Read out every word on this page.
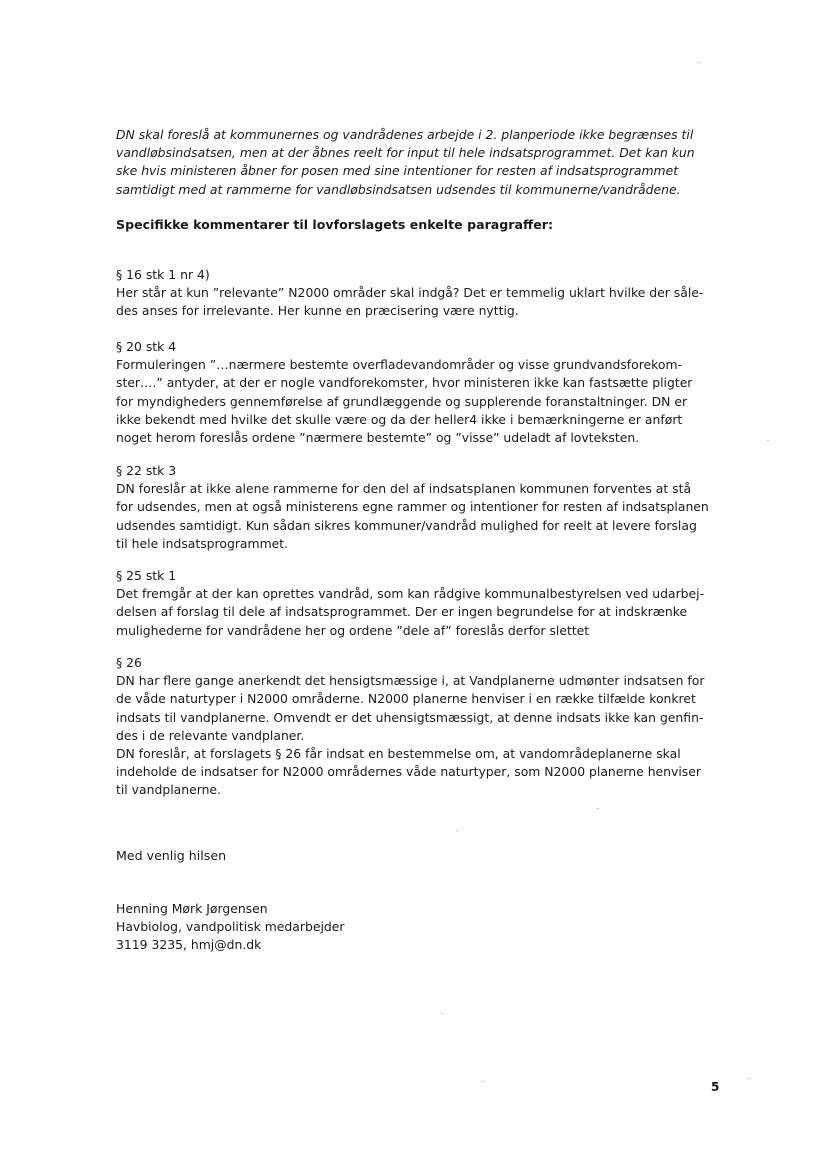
DN skal foreslå at kommunernes og vandrådenes arbejde i 2. planperiode ikke begrænses til
vandløbsindsatsen, men at der åbnes reelt for input til hele indsatsprogrammet. Det kan kun
ske hvis ministeren åbner for posen med sine intentioner for resten af indsatsprogrammet
samtidigt med at rammerne for vandløbsindsatsen udsendes til kommunerne/vandrådene.
Specifikke kommentarer til lovforslagets enkelte paragraffer:
§ 16 stk 1 nr 4)
Her står at kun ”relevante” N2000 områder skal indgå? Det er temmelig uklart hvilke der såle-
des anses for irrelevante. Her kunne en præcisering være nyttig.
§ 20 stk 4
Formuleringen ”…nærmere bestemte overfladevandområder og visse grundvandsforekom-
ster….” antyder, at der er nogle vandforekomster, hvor ministeren ikke kan fastsætte pligter
for myndigheders gennemførelse af grundlæggende og supplerende foranstaltninger. DN er
ikke bekendt med hvilke det skulle være og da der heller4 ikke i bemærkningerne er anført
noget herom foreslås ordene ”nærmere bestemte” og ”visse” udeladt af lovteksten.
§ 22 stk 3
DN foreslår at ikke alene rammerne for den del af indsatsplanen kommunen forventes at stå
for udsendes, men at også ministerens egne rammer og intentioner for resten af indsatsplanen
udsendes samtidigt. Kun sådan sikres kommuner/vandråd mulighed for reelt at levere forslag
til hele indsatsprogrammet.
§ 25 stk 1
Det fremgår at der kan oprettes vandråd, som kan rådgive kommunalbestyrelsen ved udarbej-
delsen af forslag til dele af indsatsprogrammet. Der er ingen begrundelse for at indskrænke
mulighederne for vandrådene her og ordene ”dele af” foreslås derfor slettet
§ 26
DN har flere gange anerkendt det hensigtsmæssige i, at Vandplanerne udmønter indsatsen for
de våde naturtyper i N2000 områderne. N2000 planerne henviser i en række tilfælde konkret
indsats til vandplanerne. Omvendt er det uhensigtsmæssigt, at denne indsats ikke kan genfin-
des i de relevante vandplaner.
DN foreslår, at forslagets § 26 får indsat en bestemmelse om, at vandområdeplanerne skal
indeholde de indsatser for N2000 områdernes våde naturtyper, som N2000 planerne henviser
til vandplanerne.
Med venlig hilsen
Henning Mørk Jørgensen
Havbiolog, vandpolitisk medarbejder
3119 3235, hmj@dn.dk
5
